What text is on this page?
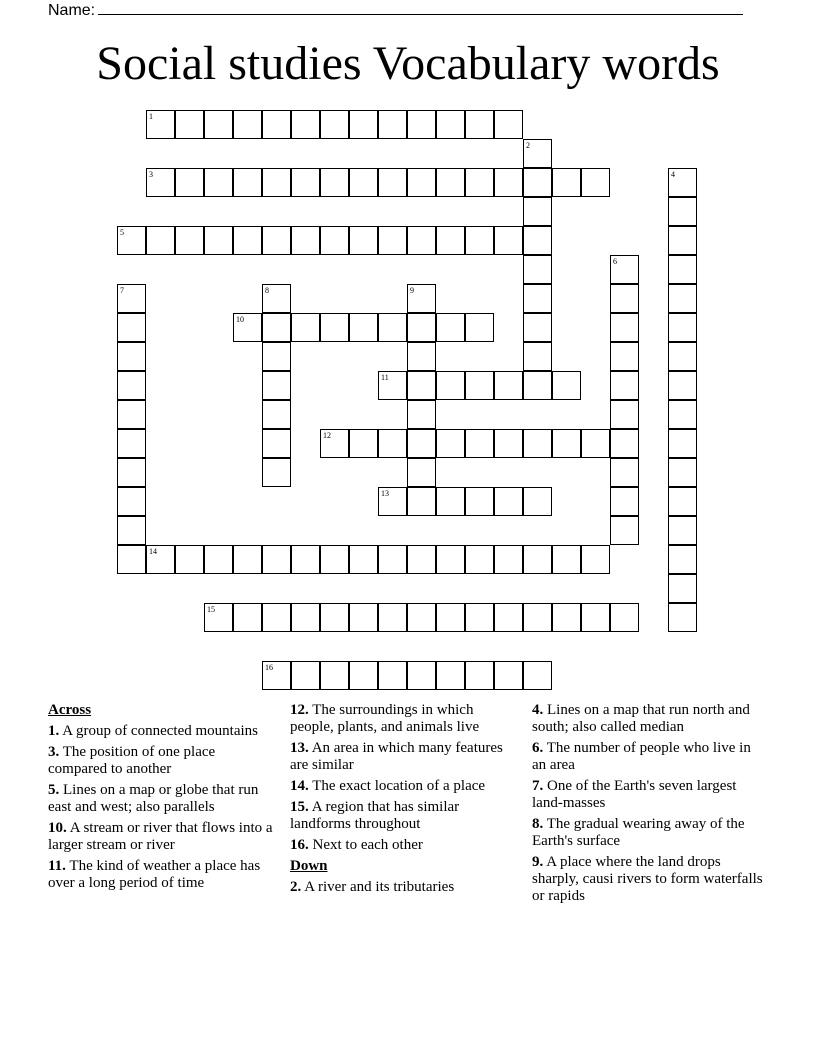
Name:
Social studies Vocabulary words
1
2
3	4
5
6
7	8	9
10
11
12
13
14
15
16
Across
1. A group of connected mountains
3. The position of one place compared to another
5. Lines on a map or globe that run east and west; also parallels
10. A stream or river that flows into a larger stream or river
11. The kind of weather a place has over a long period of time
12. The surroundings in which people, plants, and animals live
13. An area in which many features are similar
14. The exact location of a place
15. A region that has similar landforms throughout
16. Next to each other
Down
2. A river and its tributaries
4. Lines on a map that run north and south; also called median
6. The number of people who live in an area
7. One of the Earth's seven largest land-masses
8. The gradual wearing away of the Earth's surface
9. A place where the land drops sharply, causi rivers to form waterfalls or rapids
